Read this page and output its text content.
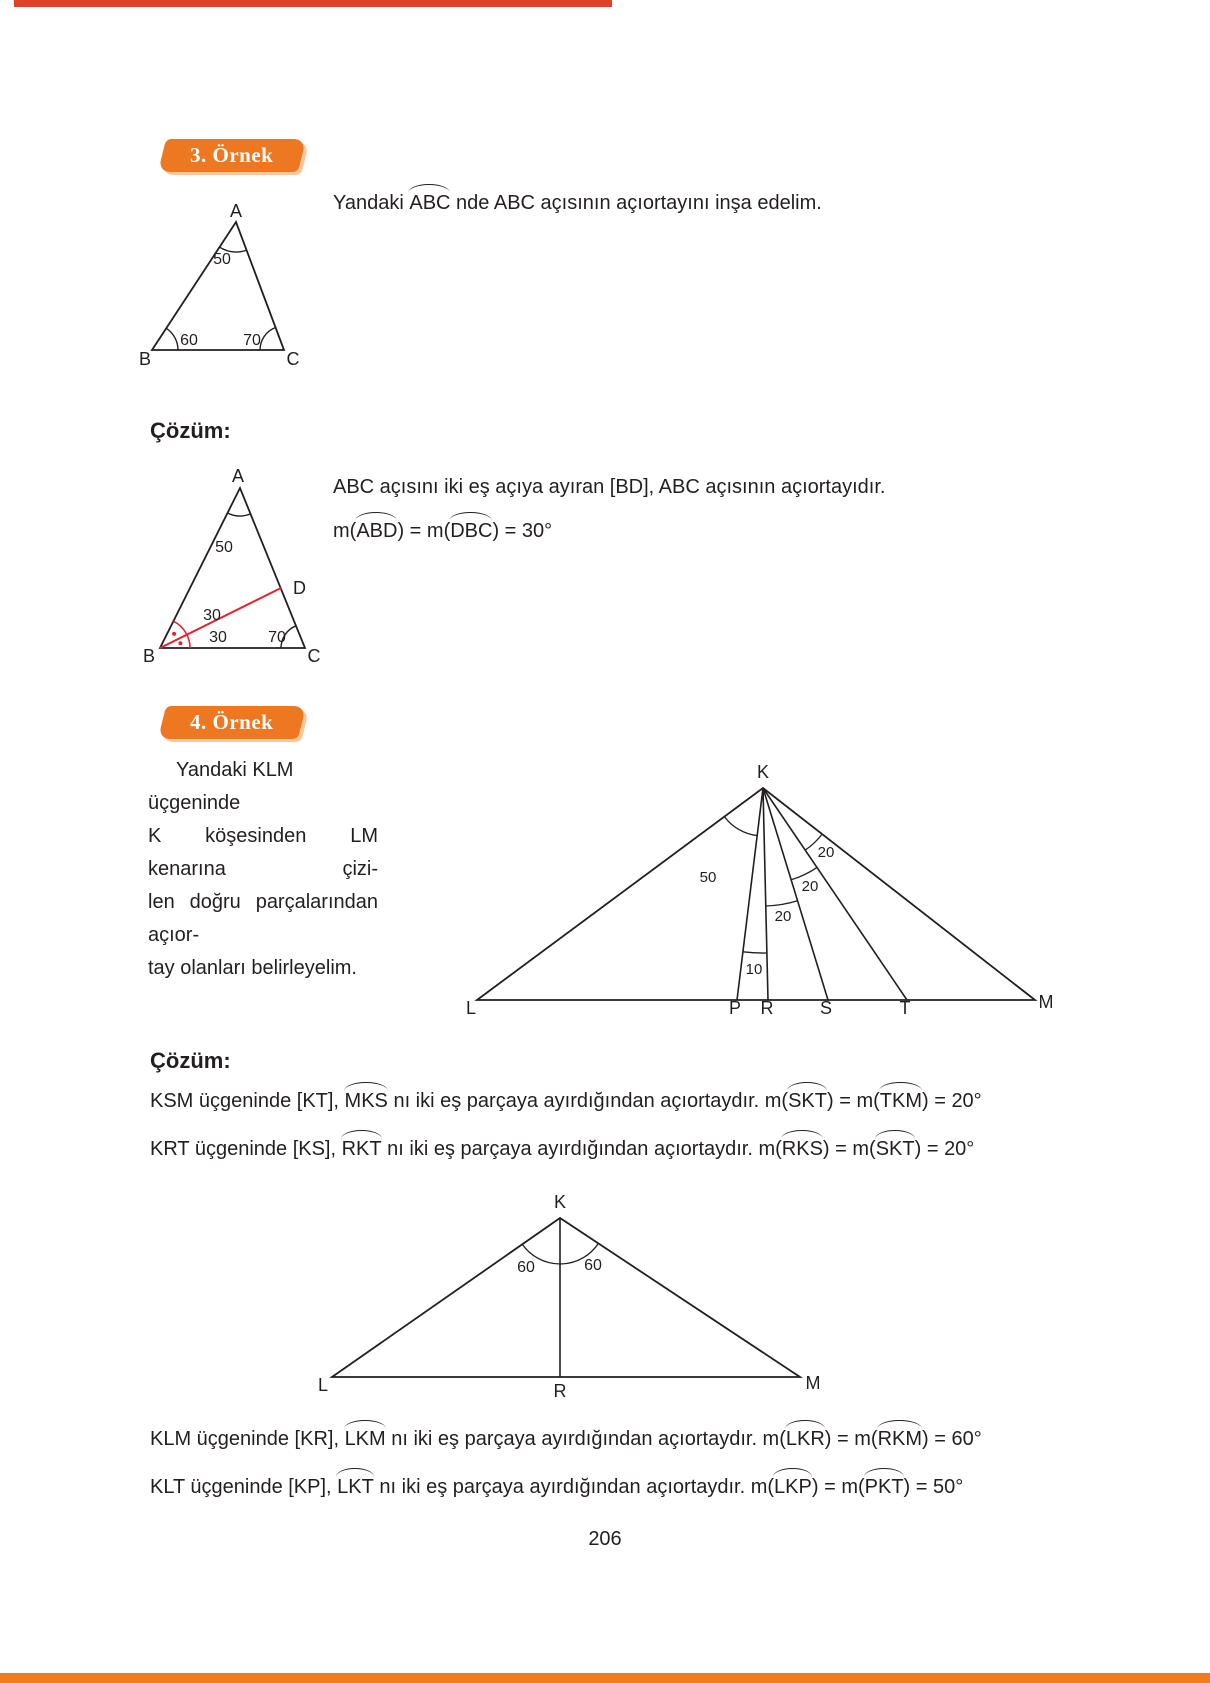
3. Örnek
A
B	C
50
60	70
Yandaki ABC nde ABC açısının açıortayını inşa edelim.
Çözüm:
A
B	C
D
50
30
30	70
ABC açısını iki eş açıya ayıran [BD], ABC açısının açıortayıdır.
m(ABD) = m(DBC) = 30°
4. Örnek
Yandaki KLM üçgeninde
K köşesinden LM kenarına çizi-
len doğru parçalarından açıor-
tay olanları belirleyelim.
K
L	P R	S	T	M
50
10
20
20
20
Çözüm:
KSM üçgeninde [KT], MKS nı iki eş parçaya ayırdığından açıortaydır. m(SKT) = m(TKM) = 20°
KRT üçgeninde [KS], RKT nı iki eş parçaya ayırdığından açıortaydır. m(RKS) = m(SKT) = 20°
K
L	M
R
60	60
KLM üçgeninde [KR], LKM nı iki eş parçaya ayırdığından açıortaydır. m(LKR) = m(RKM) = 60°
KLT üçgeninde [KP], LKT nı iki eş parçaya ayırdığından açıortaydır. m(LKP) = m(PKT) = 50°
206
